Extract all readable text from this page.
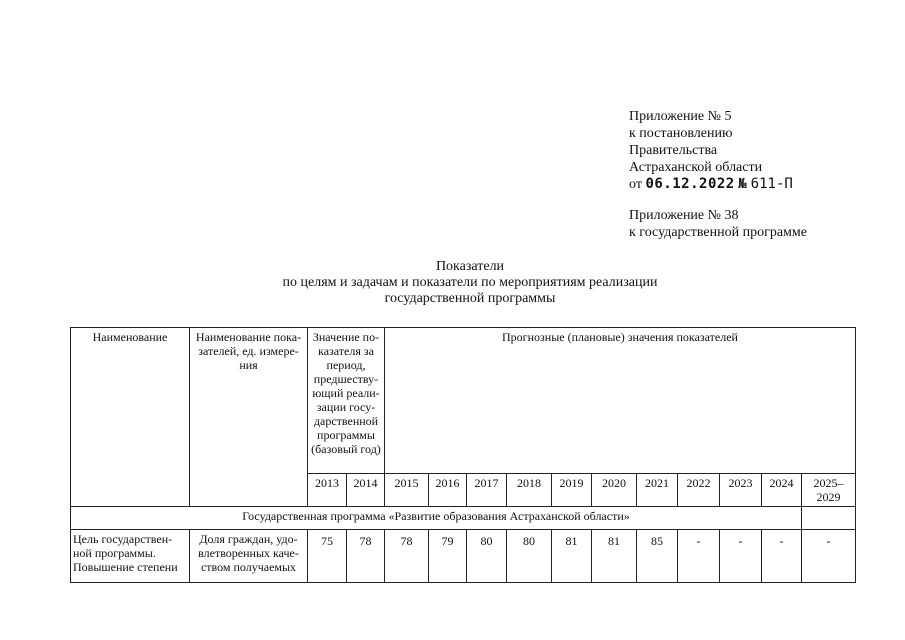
Приложение № 5
к постановлению
Правительства
Астраханской области
от 06.12.2022 № 611-П
Приложение № 38
к государственной программе
Показатели
по целям и задачам и показатели по мероприятиям реализации
государственной программы
Наименование	Наименование пока-зателей, ед. измере-ния	Значение по-казателя за период, предшеству-ющий реали-зации госу-дарственной программы (базовый год)		Прогнозные (плановые) значения показателей										
		2013	2014	2015	2016	2017	2018	2019	2020	2021	2022	2023	2024	2025–2029
Государственная программа «Развитие образования Астраханской области»														
Цель государствен-ной программы. Повышение степени	Доля граждан, удо-влетворенных каче-ством получаемых	75	78	78	79	80	80	81	81	85	-	-	-	-
